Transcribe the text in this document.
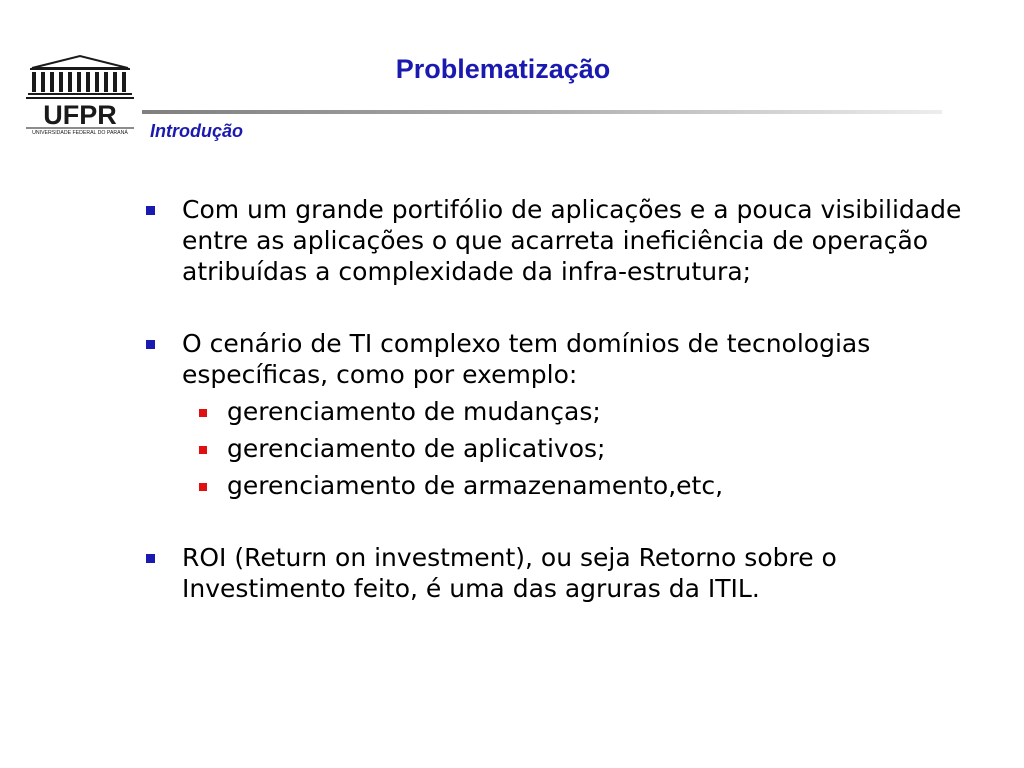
UFPR
UNIVERSIDADE FEDERAL DO PARANÁ
Problematização
Introdução
Com um grande portifólio de aplicações e a pouca visibilidade entre as aplicações o que acarreta ineficiência de operação atribuídas a complexidade da infra-estrutura;
O cenário de TI complexo tem domínios de tecnologias específicas, como por exemplo:
gerenciamento de mudanças;
gerenciamento de aplicativos;
gerenciamento de armazenamento,etc,
ROI (Return on investment), ou seja Retorno sobre o Investimento feito, é uma das agruras da ITIL.
